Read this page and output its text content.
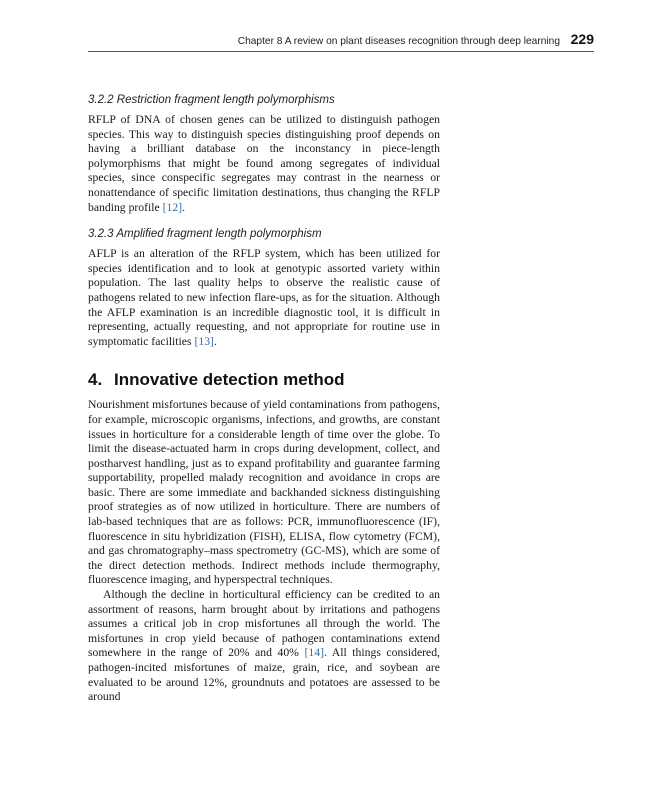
Chapter 8 A review on plant diseases recognition through deep learning 229
3.2.2 Restriction fragment length polymorphisms

RFLP of DNA of chosen genes can be utilized to distinguish pathogen species. This way to distinguish species distinguishing proof depends on having a brilliant database on the inconstancy in piece-length polymorphisms that might be found among segregates of individual species, since conspecific segregates may contrast in the nearness or nonattendance of specific limitation destinations, thus changing the RFLP banding profile [12].

3.2.3 Amplified fragment length polymorphism

AFLP is an alteration of the RFLP system, which has been utilized for species identification and to look at genotypic assorted variety within population. The last quality helps to observe the realistic cause of pathogens related to new infection flare-ups, as for the situation. Although the AFLP examination is an incredible diagnostic tool, it is difficult in representing, actually requesting, and not appropriate for routine use in symptomatic facilities [13].

4. Innovative detection method

Nourishment misfortunes because of yield contaminations from pathogens, for example, microscopic organisms, infections, and growths, are constant issues in horticulture for a considerable length of time over the globe. To limit the disease-actuated harm in crops during development, collect, and postharvest handling, just as to expand profitability and guarantee farming supportability, propelled malady recognition and avoidance in crops are basic. There are some immediate and backhanded sickness distinguishing proof strategies as of now utilized in horticulture. There are numbers of lab-based techniques that are as follows: PCR, immunofluorescence (IF), fluorescence in situ hybridization (FISH), ELISA, flow cytometry (FCM), and gas chromatography–mass spectrometry (GC-MS), which are some of the direct detection methods. Indirect methods include thermography, fluorescence imaging, and hyperspectral techniques.

Although the decline in horticultural efficiency can be credited to an assortment of reasons, harm brought about by irritations and pathogens assumes a critical job in crop misfortunes all through the world. The misfortunes in crop yield because of pathogen contaminations extend somewhere in the range of 20% and 40% [14]. All things considered, pathogen-incited misfortunes of maize, grain, rice, and soybean are evaluated to be around 12%, groundnuts and potatoes are assessed to be around
